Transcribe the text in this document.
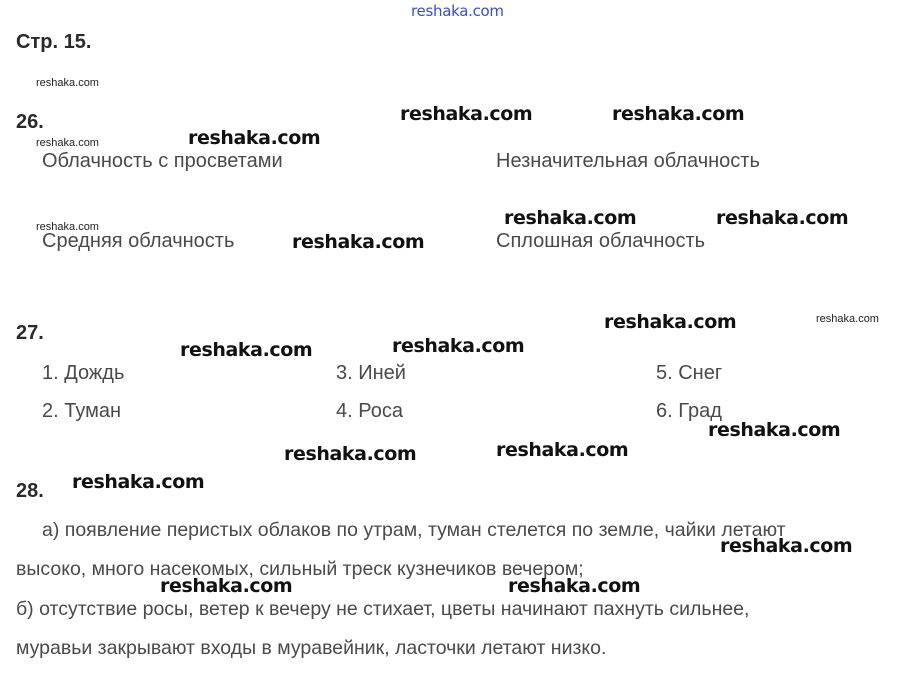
reshaka.com
Стр. 15.
26.
Облачность с просветами	Незначительная облачность
Средняя облачность	Сплошная облачность
27.
1. Дождь	3. Иней	5. Снег
2. Туман	4. Роса	6. Град
28.
а) появление перистых облаков по утрам, туман стелется по земле, чайки летают
высоко, много насекомых, сильный треск кузнечиков вечером;
б) отсутствие росы, ветер к вечеру не стихает, цветы начинают пахнуть сильнее,
муравьи закрывают входы в муравейник, ласточки летают низко.
reshaka.com
reshaka.com
reshaka.com
reshaka.com
reshaka.com	reshaka.com
reshaka.com
reshaka.com	reshaka.com
reshaka.com
reshaka.com
reshaka.com
reshaka.com
reshaka.com
reshaka.com
reshaka.com
reshaka.com
reshaka.com
reshaka.com	reshaka.com
